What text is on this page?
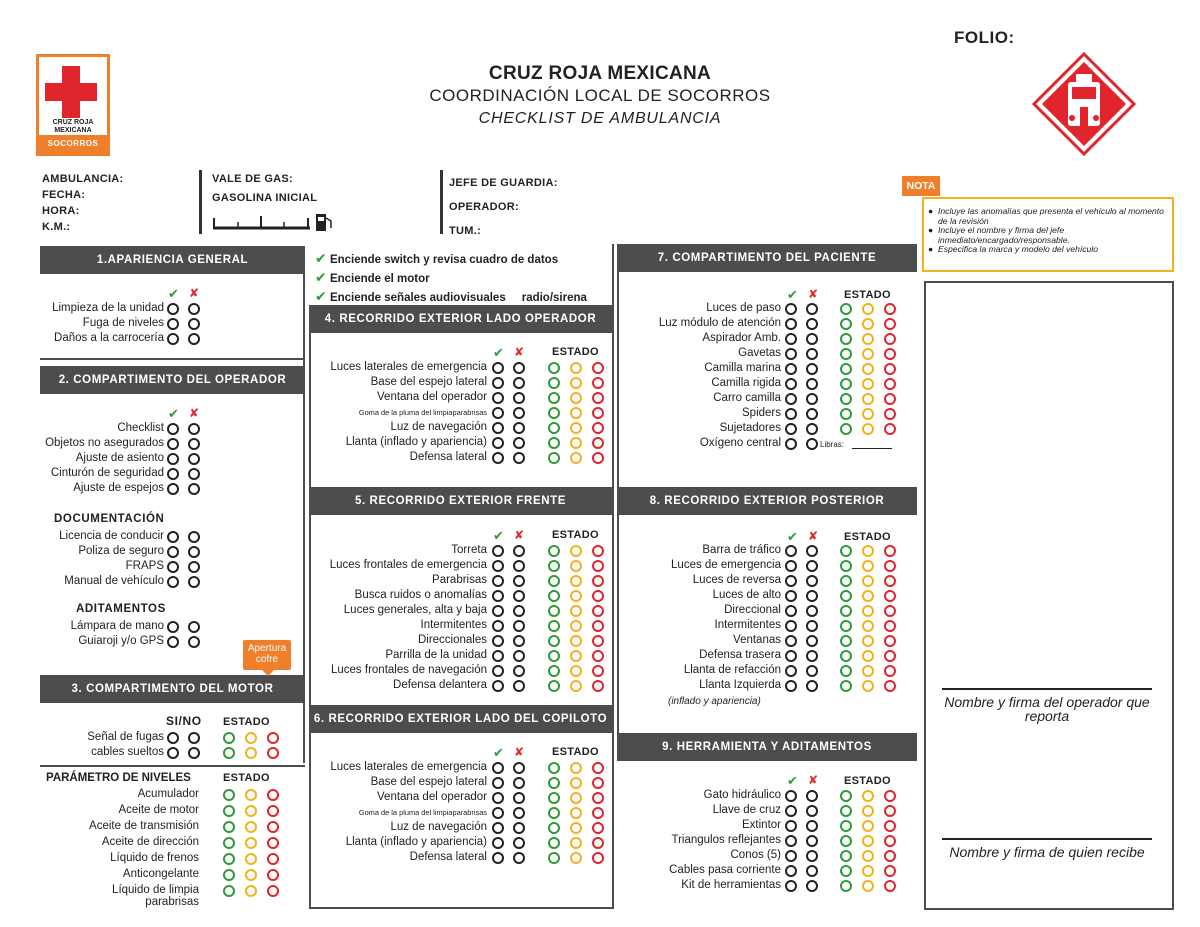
FOLIO:
CRUZ ROJA MEXICANA
COORDINACIÓN LOCAL DE SOCORROS
CHECKLIST DE AMBULANCIA
CRUZ ROJA
MEXICANA
SOCORROS
AMBULANCIA:
FECHA:
HORA:
K.M.:
VALE DE GAS:
GASOLINA INICIAL
JEFE DE GUARDIA:
OPERADOR:
TUM.:
NOTA
● Incluye las anomalías que presenta el vehículo al momento de la revisión
● Incluye el nombre y firma del jefe inmediato/encargado/responsable.
● Especifica la marca y modelo del vehículo
✔ Enciende switch y revisa cuadro de datos
✔ Enciende el motor
✔ Enciende señales audiovisuales radio/sirena
1.APARIENCIA GENERAL
2. COMPARTIMENTO DEL OPERADOR
3. COMPARTIMENTO DEL MOTOR
4. RECORRIDO EXTERIOR LADO OPERADOR
5. RECORRIDO EXTERIOR FRENTE
6. RECORRIDO EXTERIOR LADO DEL COPILOTO
7. COMPARTIMENTO DEL PACIENTE
8. RECORRIDO EXTERIOR POSTERIOR
9. HERRAMIENTA Y ADITAMENTOS
Nombre y firma del operador que reporta
Nombre y firma de quien recibe
Apertura cofre
✔ ✘
Limpieza de la unidad
Fuga de niveles
Daños a la carrocería
✔ ✘
Checklist
Objetos no asegurados
Ajuste de asiento
Cinturón de seguridad
Ajuste de espejos
DOCUMENTACIÓN
Licencia de conducir
Poliza de seguro
FRAPS
Manual de vehículo
ADITAMENTOS
Lámpara de mano
Guiaroji y/o GPS
SI/NO ESTADO
Señal de fugas
cables sueltos
PARÁMETRO DE NIVELES	ESTADO
Acumulador
Aceite de motor
Aceite de transmisión
Aceite de dirección
Líquido de frenos
Anticongelante
Líquido de limpia
parabrisas
✔ ✘	ESTADO
Luces laterales de emergencia
Base del espejo lateral
Ventana del operador
Goma de la pluma del limpiaparabrisas
Luz de navegación
Llanta (inflado y apariencia)
Defensa lateral
✔ ✘	ESTADO
Torreta
Luces frontales de emergencia
Parabrisas
Busca ruidos o anomalías
Luces generales, alta y baja
Intermitentes
Direccionales
Parrilla de la unidad
Luces frontales de navegación
Defensa delantera
✔ ✘	ESTADO
Luces laterales de emergencia
Base del espejo lateral
Ventana del operador
Goma de la pluma del limpiaparabrisas
Luz de navegación
Llanta (inflado y apariencia)
Defensa lateral
✔ ✘ ESTADO
Luces de paso
Luz módulo de atención
Aspirador Amb.
Gavetas
Camilla marina
Camilla rigida
Carro camilla
Spiders
Sujetadores
Oxígeno central	Libras:
✔ ✘ ESTADO
Barra de tráfico
Luces de emergencia
Luces de reversa
Luces de alto
Direccional
Intermitentes
Ventanas
Defensa trasera
Llanta de refacción
Llanta Izquierda
(inflado y apariencia)
✔ ✘ ESTADO
Gato hidráulico
Llave de cruz
Extintor
Triangulos reflejantes
Conos (5)
Cables pasa corriente
Kit de herramientas
